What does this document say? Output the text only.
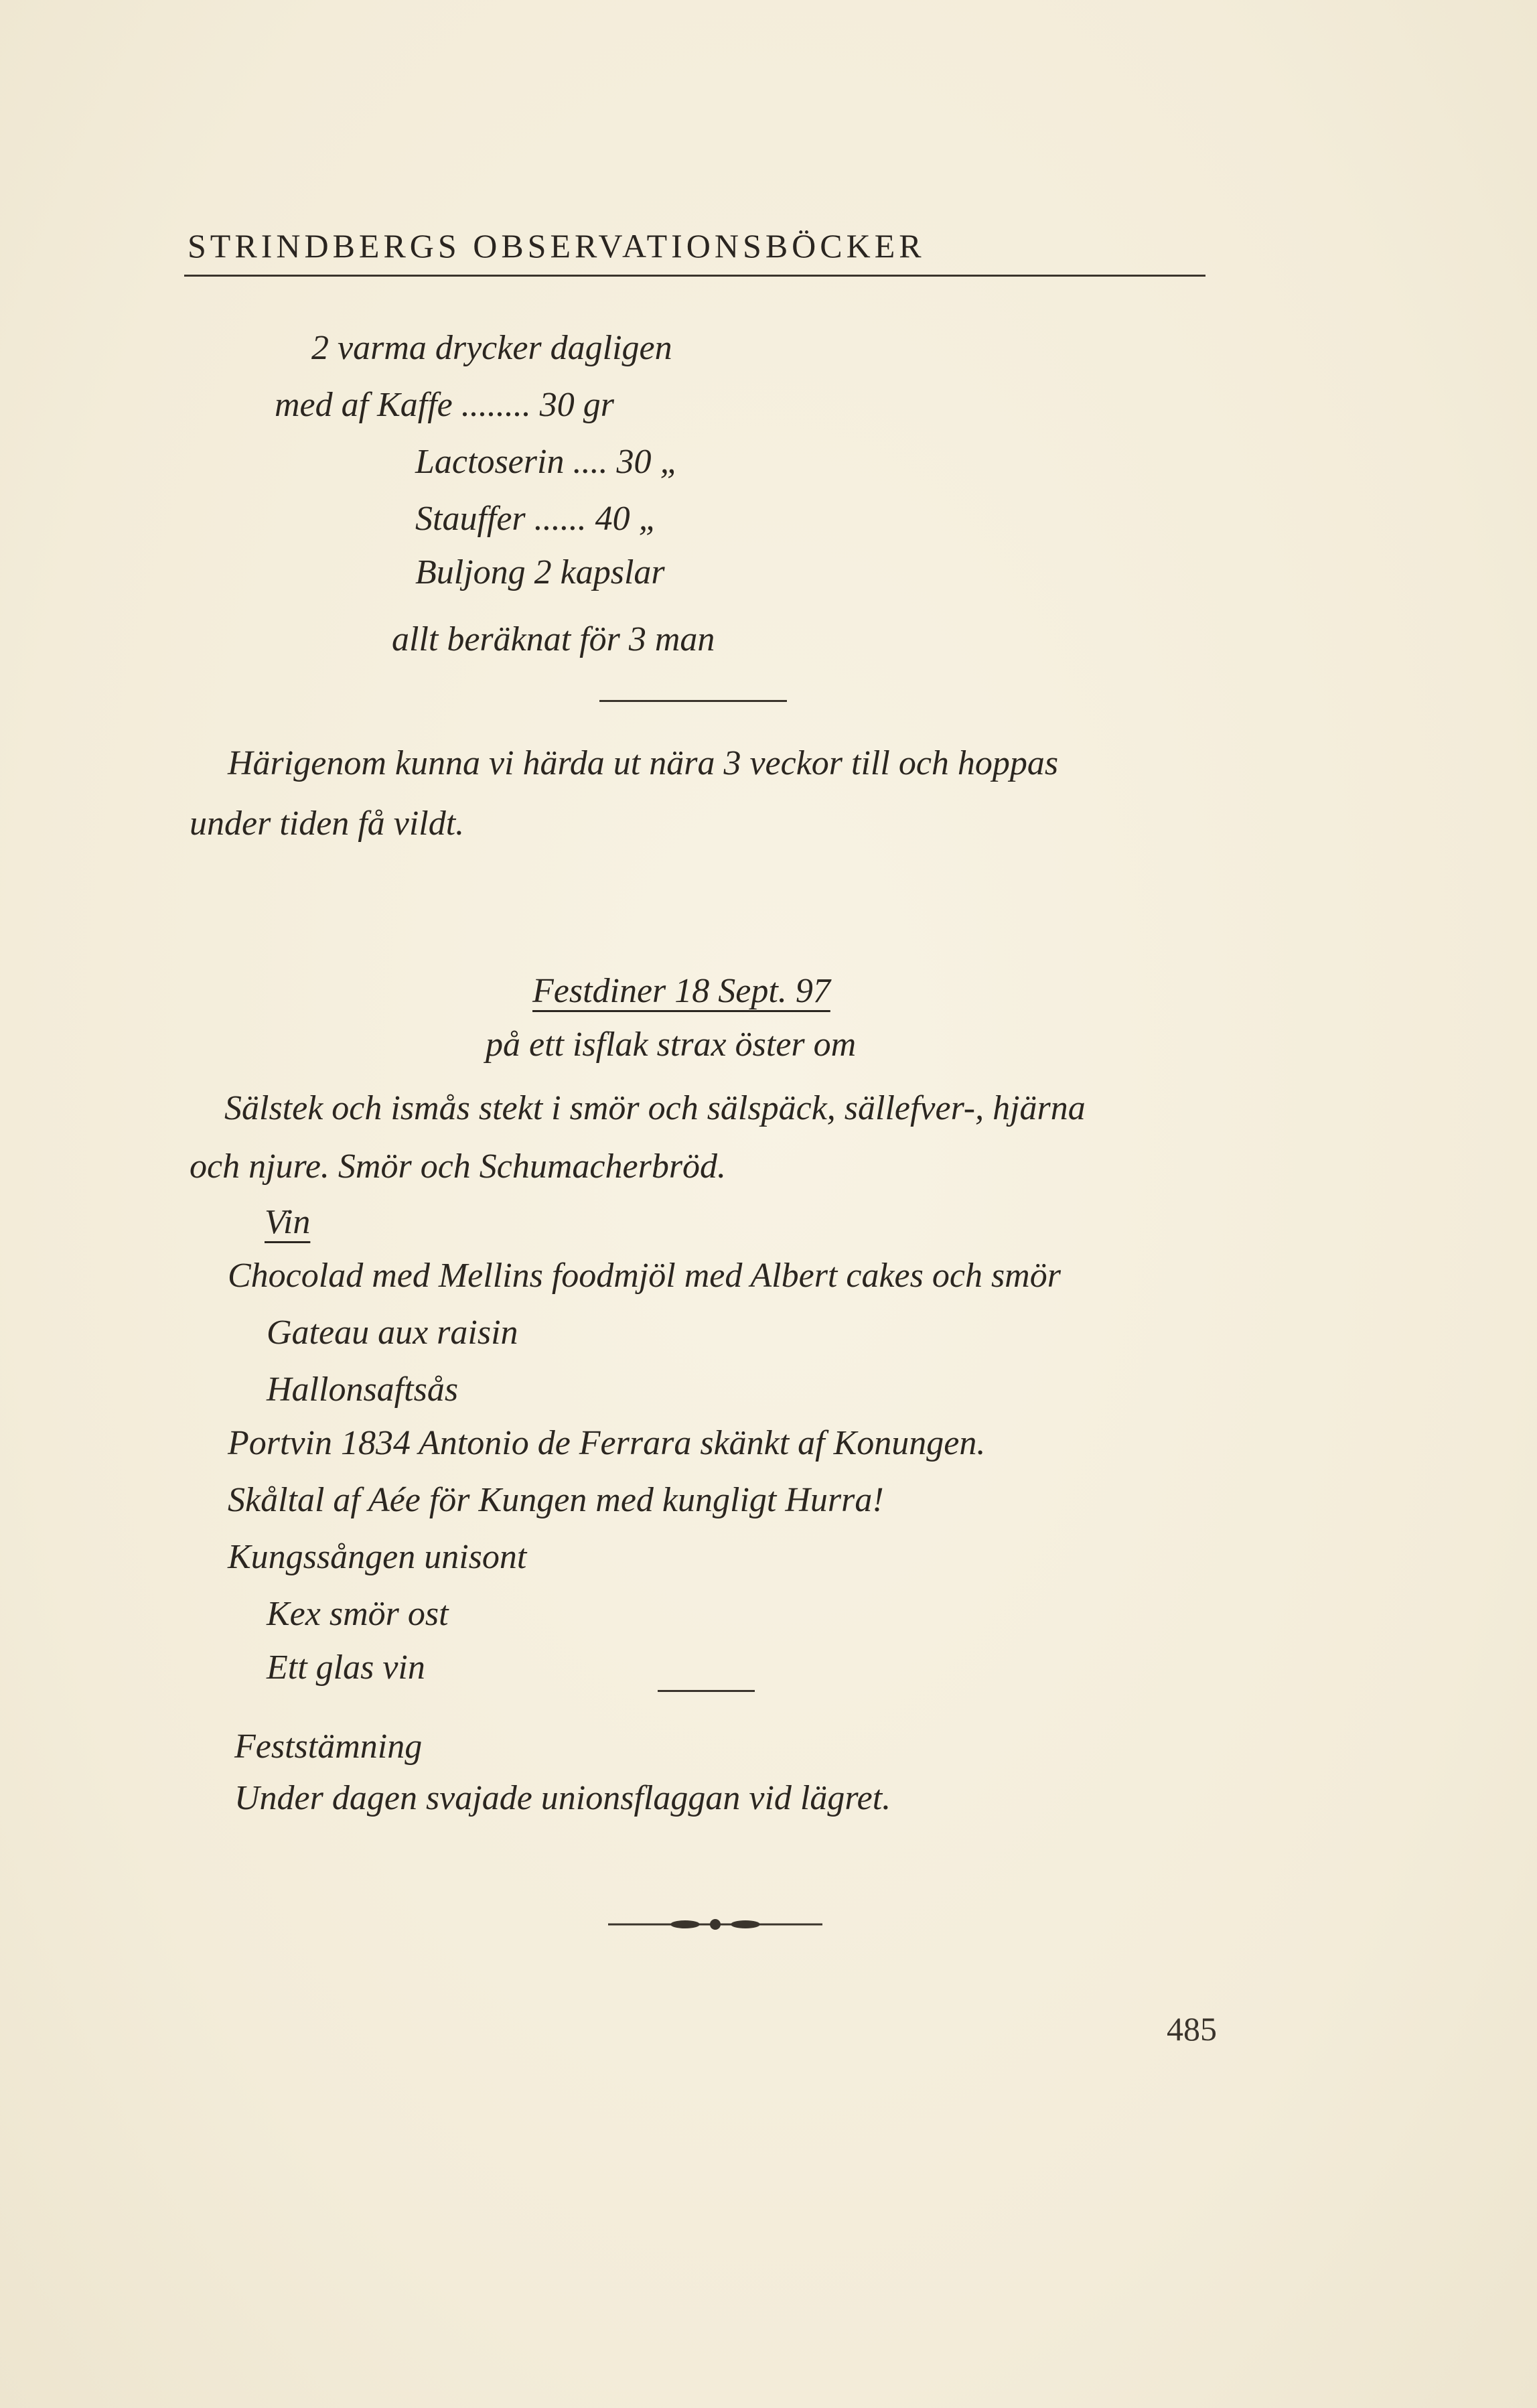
STRINDBERGS OBSERVATIONSBÖCKER
2 varma drycker dagligen
med af Kaffe ........ 30 gr
Lactoserin .... 30 „
Stauffer ...... 40 „
Buljong 2 kapslar
allt beräknat för 3 man
Härigenom kunna vi härda ut nära 3 veckor till och hoppas
under tiden få vildt.
Festdiner 18 Sept. 97
på ett isflak strax öster om
Sälstek och ismås stekt i smör och sälspäck, sällefver-, hjärna
och njure. Smör och Schumacherbröd.
Vin
Chocolad med Mellins foodmjöl med Albert cakes och smör
Gateau aux raisin
Hallonsaftsås
Portvin 1834 Antonio de Ferrara skänkt af Konungen.
Skåltal af Aée för Kungen med kungligt Hurra!
Kungssången unisont
Kex smör ost
Ett glas vin
Feststämning
Under dagen svajade unionsflaggan vid lägret.
485
